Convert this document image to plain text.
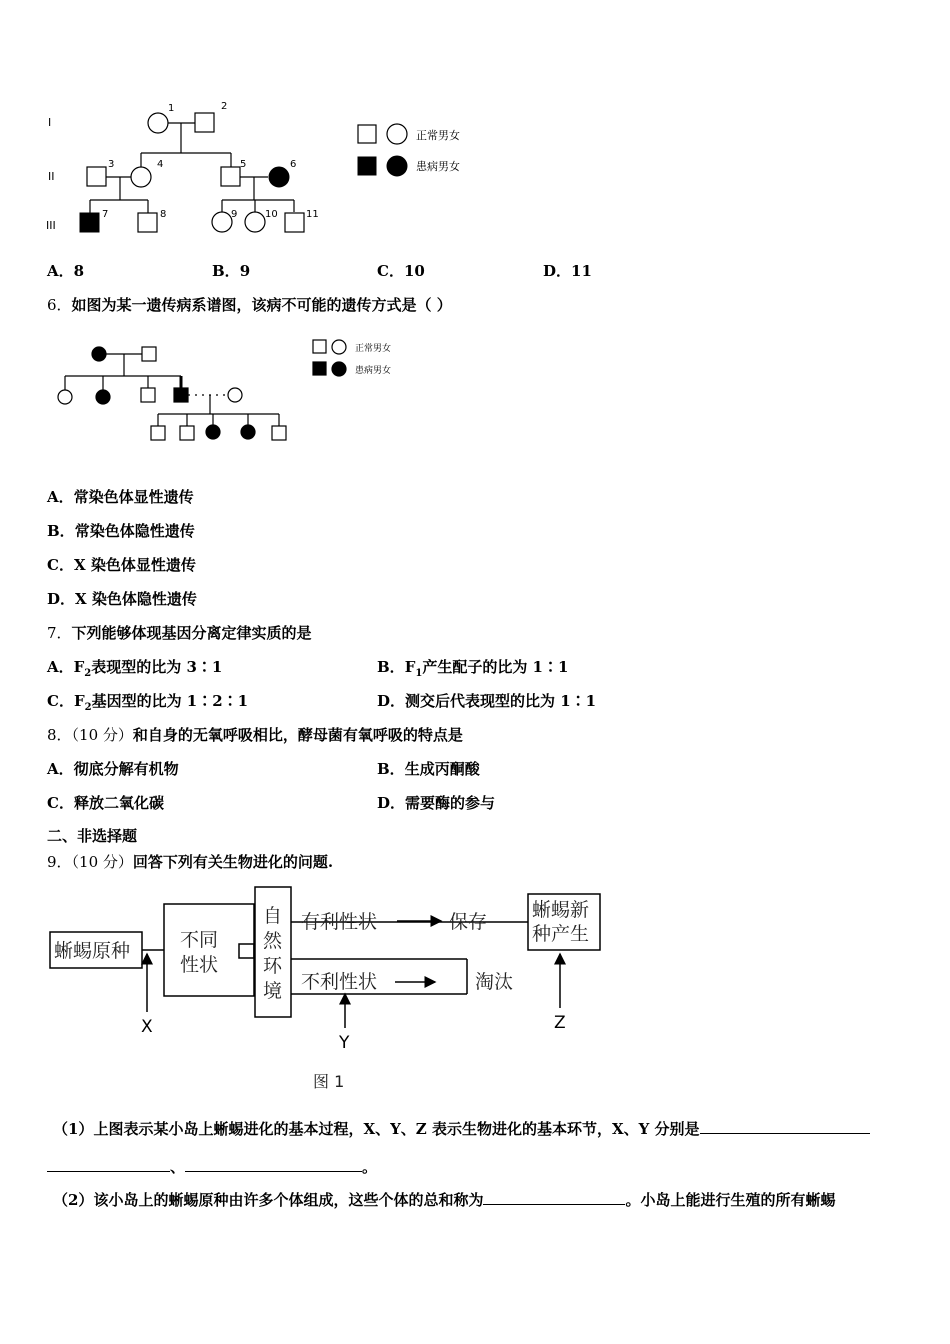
I
II
III
1	2
3	4	5	6
7	8	9	10	11
正常男女
患病男女
A．8	B．9	C．10	D．11
6．如图为某一遗传病系谱图，该病不可能的遗传方式是（ ）
正常男女
患病男女
A．常染色体显性遗传
B．常染色体隐性遗传
C．X 染色体显性遗传
D．X 染色体隐性遗传
7．下列能够体现基因分离定律实质的是
A．$F_2$表现型的比为 3∶1	B．$F_1$产生配子的比为 1∶1
C．$F_2$基因型的比为 1∶2∶1	D．测交后代表现型的比为 1∶1
8．（10 分）和自身的无氧呼吸相比，酵母菌有氧呼吸的特点是
A．彻底分解有机物	B．生成丙酮酸
C．释放二氧化碳	D．需要酶的参与
二、非选择题
9．（10 分）回答下列有关生物进化的问题.
蜥蜴原种	不同
性状
自
然
环
境
有利性状	保存
不利性状	淘汰
蜥蜴新
种产生
X
Y
Z
图 1
（1）上图表示某小岛上蜥蜴进化的基本过程，X、Y、Z 表示生物进化的基本环节，X、Y 分别是
、	。
（2）该小岛上的蜥蜴原种由许多个体组成，这些个体的总和称为	。小岛上能进行生殖的所有蜥蜴
